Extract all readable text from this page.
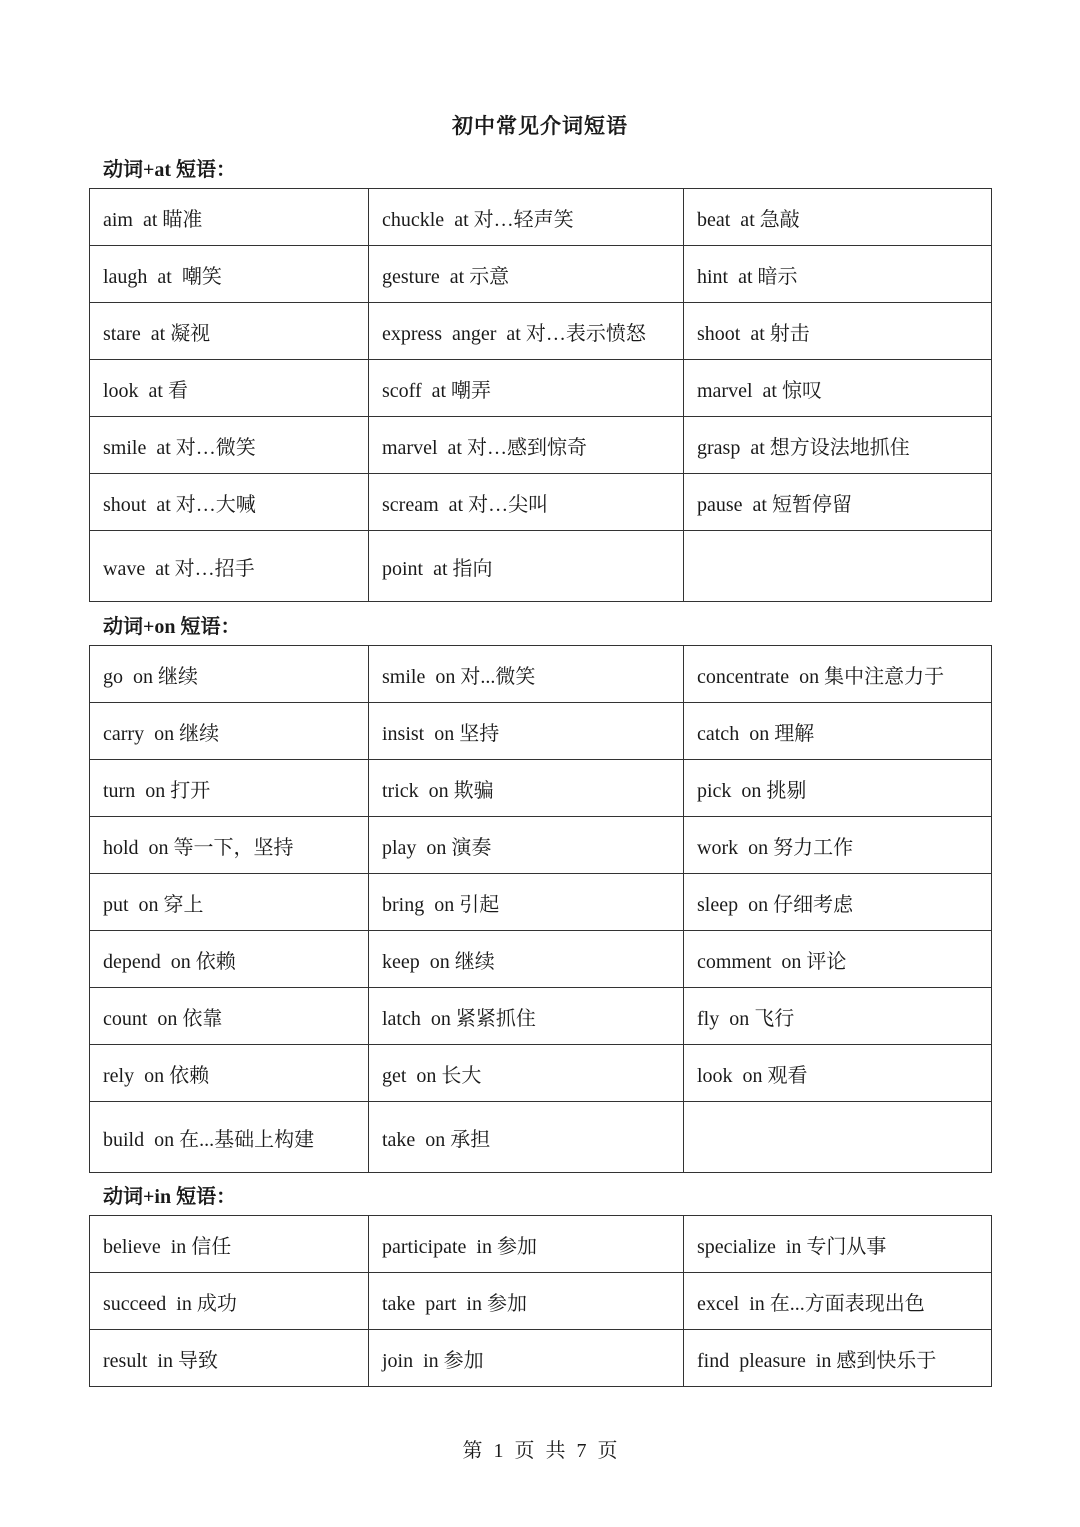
初中常见介词短语
动词+at 短语：
aim  at 瞄准	chuckle  at 对…轻声笑	beat  at 急敲
laugh  at  嘲笑	gesture  at 示意	hint  at 暗示
stare  at 凝视	express  anger  at 对…表示愤怒	shoot  at 射击
look  at 看	scoff  at 嘲弄	marvel  at 惊叹
smile  at 对…微笑	marvel  at 对…感到惊奇	grasp  at 想方设法地抓住
shout  at 对…大喊	scream  at 对…尖叫	pause  at 短暂停留
wave  at 对…招手	point  at 指向	
动词+on 短语：
go  on 继续	smile  on 对...微笑	concentrate  on 集中注意力于
carry  on 继续	insist  on 坚持	catch  on 理解
turn  on 打开	trick  on 欺骗	pick  on 挑剔
hold  on 等一下，坚持	play  on 演奏	work  on 努力工作
put  on 穿上	bring  on 引起	sleep  on 仔细考虑
depend  on 依赖	keep  on 继续	comment  on 评论
count  on 依靠	latch  on 紧紧抓住	fly  on 飞行
rely  on 依赖	get  on 长大	look  on 观看
build  on 在...基础上构建	take  on 承担	
动词+in 短语：
believe  in 信任	participate  in 参加	specialize  in 专门从事
succeed  in 成功	take  part  in 参加	excel  in 在...方面表现出色
result  in 导致	join  in 参加	find  pleasure  in 感到快乐于
第 1 页 共 7 页
